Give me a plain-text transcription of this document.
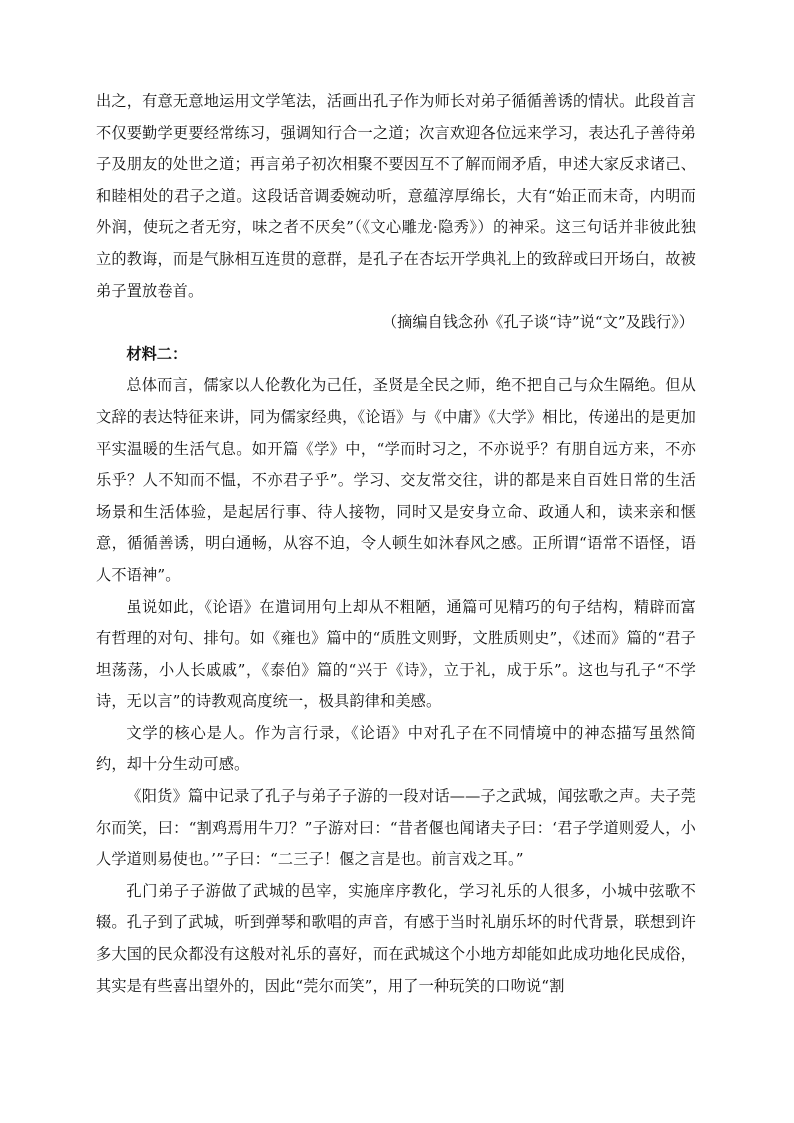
出之，有意无意地运用文学笔法，活画出孔子作为师长对弟子循循善诱的情状。此段首言不仅要勤学更要经常练习，强调知行合一之道；次言欢迎各位远来学习，表达孔子善待弟子及朋友的处世之道；再言弟子初次相聚不要因互不了解而闹矛盾，申述大家反求诸己、和睦相处的君子之道。这段话音调委婉动听，意蕴淳厚绵长，大有“始正而末奇，内明而外润，使玩之者无穷，味之者不厌矣”（《文心雕龙·隐秀》）的神采。这三句话并非彼此独立的教诲，而是气脉相互连贯的意群，是孔子在杏坛开学典礼上的致辞或曰开场白，故被弟子置放卷首。

（摘编自钱念孙《孔子谈“诗”说“文”及践行》）

材料二：

总体而言，儒家以人伦教化为己任，圣贤是全民之师，绝不把自己与众生隔绝。但从文辞的表达特征来讲，同为儒家经典，《论语》与《中庸》《大学》相比，传递出的是更加平实温暖的生活气息。如开篇《学》中，“学而时习之，不亦说乎？有朋自远方来，不亦乐乎？人不知而不愠，不亦君子乎”。学习、交友常交往，讲的都是来自百姓日常的生活场景和生活体验，是起居行事、待人接物，同时又是安身立命、政通人和，读来亲和惬意，循循善诱，明白通畅，从容不迫，令人顿生如沐春风之感。正所谓“语常不语怪，语人不语神”。

虽说如此，《论语》在遣词用句上却从不粗陋，通篇可见精巧的句子结构，精辟而富有哲理的对句、排句。如《雍也》篇中的“质胜文则野，文胜质则史”，《述而》篇的“君子坦荡荡，小人长戚戚”，《泰伯》篇的“兴于《诗》，立于礼，成于乐”。这也与孔子“不学诗，无以言”的诗教观高度统一，极具韵律和美感。

文学的核心是人。作为言行录，《论语》中对孔子在不同情境中的神态描写虽然简约，却十分生动可感。

《阳货》篇中记录了孔子与弟子子游的一段对话——子之武城，闻弦歌之声。夫子莞尔而笑，曰：“割鸡焉用牛刀？”子游对曰：“昔者偃也闻诸夫子曰：‘君子学道则爱人，小人学道则易使也。’”子曰：“二三子！偃之言是也。前言戏之耳。”

孔门弟子子游做了武城的邑宰，实施庠序教化，学习礼乐的人很多，小城中弦歌不辍。孔子到了武城，听到弹琴和歌唱的声音，有感于当时礼崩乐坏的时代背景，联想到许多大国的民众都没有这般对礼乐的喜好，而在武城这个小地方却能如此成功地化民成俗，其实是有些喜出望外的，因此“莞尔而笑”，用了一种玩笑的口吻说“割
